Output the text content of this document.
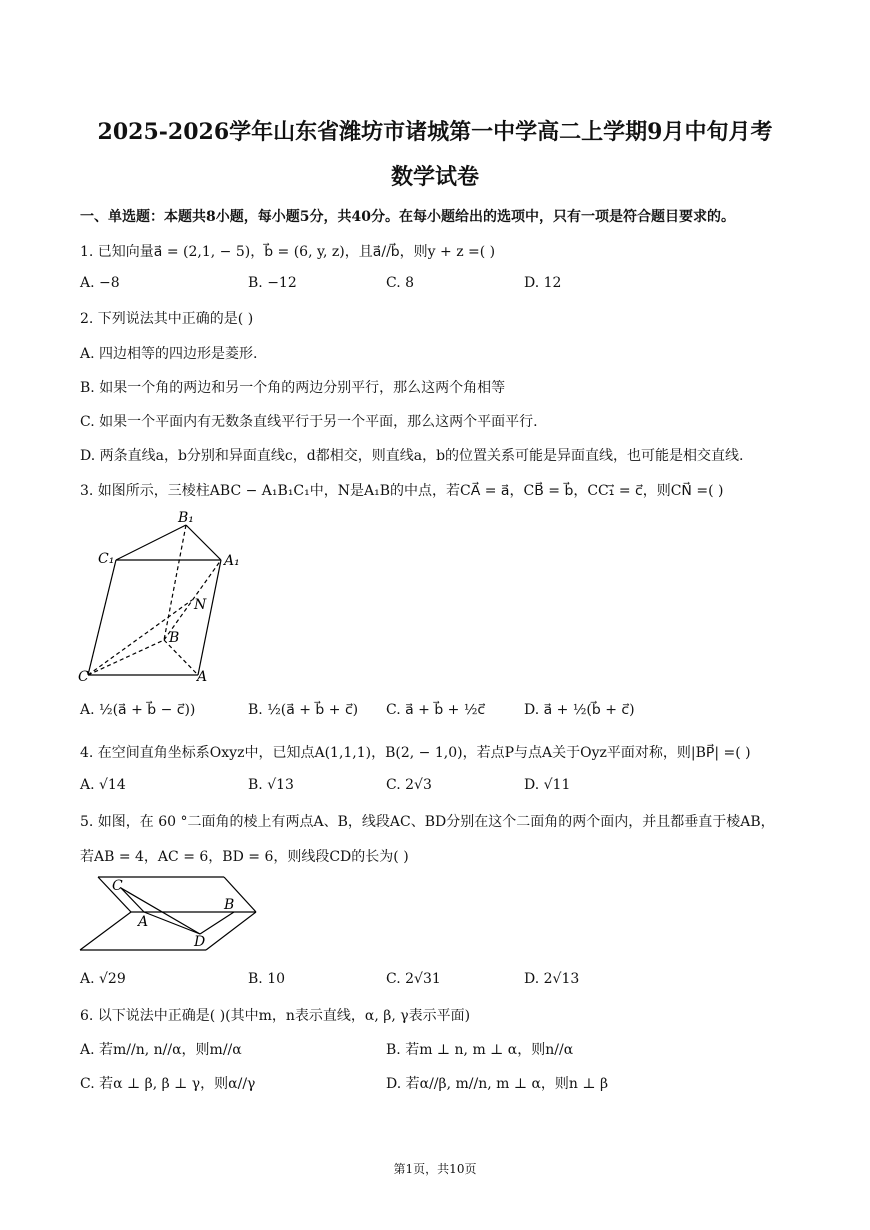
2025-2026学年山东省潍坊市诸城第一中学高二上学期9月中旬月考
数学试卷
一、单选题：本题共8小题，每小题5分，共40分。在每小题给出的选项中，只有一项是符合题目要求的。
1. 已知向量a⃗ = (2,1, − 5)，b⃗ = (6, y, z)，且a⃗//b⃗，则y + z =( )
A. −8	B. −12	C. 8	D. 12
2. 下列说法其中正确的是( )
A. 四边相等的四边形是菱形.
B. 如果一个角的两边和另一个角的两边分别平行，那么这两个角相等
C. 如果一个平面内有无数条直线平行于另一个平面，那么这两个平面平行.
D. 两条直线a，b分别和异面直线c，d都相交，则直线a，b的位置关系可能是异面直线，也可能是相交直线.
3. 如图所示，三棱柱ABC − A₁B₁C₁中，N是A₁B的中点，若CA⃗ = a⃗，CB⃗ = b⃗，CC₁⃗ = c⃗，则CN⃗ =( )
B₁
C₁	A₁
N
B
C	A
A. ½(a⃗ + b⃗ − c⃗))	B. ½(a⃗ + b⃗ + c⃗) C. a⃗ + b⃗ + ½c⃗	D. a⃗ + ½(b⃗ + c⃗)
4. 在空间直角坐标系Oxyz中，已知点A(1,1,1)，B(2, − 1,0)，若点P与点A关于Oyz平面对称，则|BP⃗| =( )
A. √14	B. √13	C. 2√3	D. √11
5. 如图，在 60 °二面角的棱上有两点A、B，线段AC、BD分别在这个二面角的两个面内，并且都垂直于棱AB，
若AB = 4，AC = 6，BD = 6，则线段CD的长为( )
C
A
B
D
A. √29	B. 10	C. 2√31	D. 2√13
6. 以下说法中正确是( )(其中m，n表示直线，α, β, γ表示平面)
A. 若m//n, n//α，则m//α	B. 若m ⊥ n, m ⊥ α，则n//α
C. 若α ⊥ β, β ⊥ γ，则α//γ	D. 若α//β, m//n, m ⊥ α，则n ⊥ β
第1页，共10页
